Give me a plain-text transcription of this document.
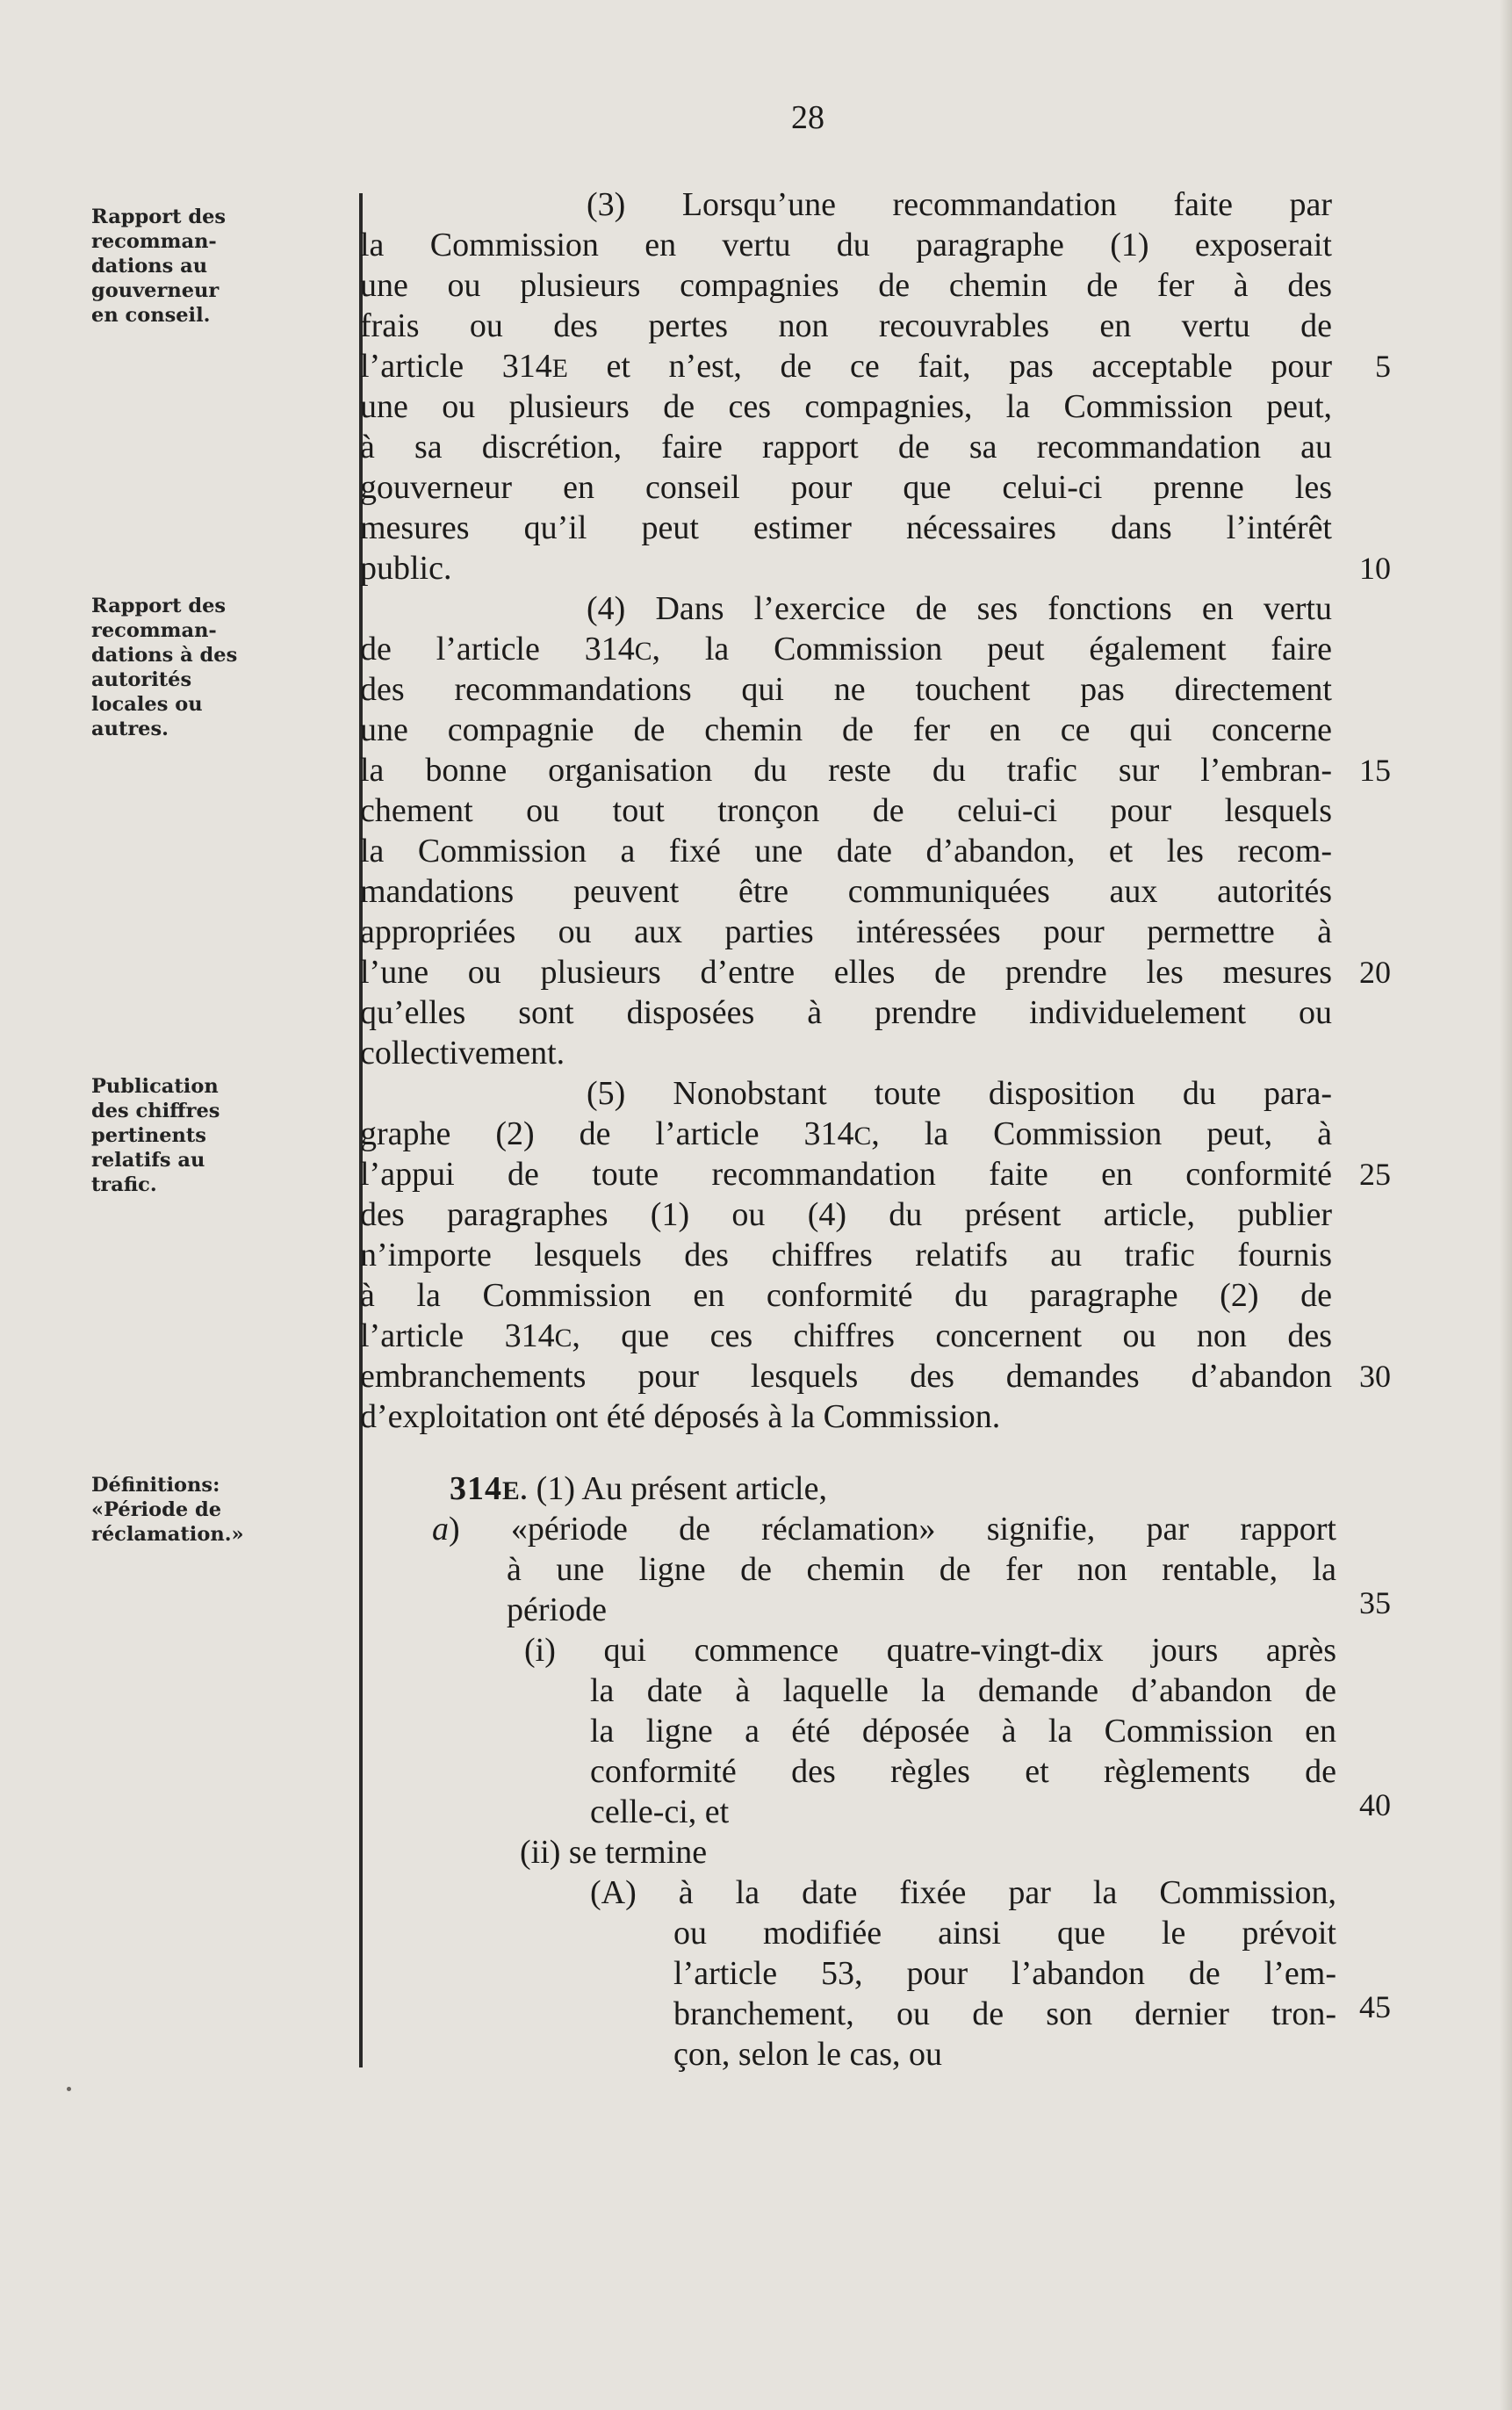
28
Rapport des
recomman-
dations au
gouverneur
en conseil.
Rapport des
recomman-
dations à des
autorités
locales ou
autres.
Publication
des chiffres
pertinents
relatifs au
trafic.
Définitions:
«Période de
réclamation.»
(3) Lorsqu’une recommandation faite par
la Commission en vertu du paragraphe (1) exposerait
une ou plusieurs compagnies de chemin de fer à des
frais ou des pertes non recouvrables en vertu de
l’article 314E et n’est, de ce fait, pas acceptable pour
une ou plusieurs de ces compagnies, la Commission peut,
à sa discrétion, faire rapport de sa recommandation au
gouverneur en conseil pour que celui-ci prenne les
mesures qu’il peut estimer nécessaires dans l’intérêt
public.
(4) Dans l’exercice de ses fonctions en vertu
de l’article 314C, la Commission peut également faire
des recommandations qui ne touchent pas directement
une compagnie de chemin de fer en ce qui concerne
la bonne organisation du reste du trafic sur l’embran-
chement ou tout tronçon de celui-ci pour lesquels
la Commission a fixé une date d’abandon, et les recom-
mandations peuvent être communiquées aux autorités
appropriées ou aux parties intéressées pour permettre à
l’une ou plusieurs d’entre elles de prendre les mesures
qu’elles sont disposées à prendre individuelement ou
collectivement.
(5) Nonobstant toute disposition du para-
graphe (2) de l’article 314C, la Commission peut, à
l’appui de toute recommandation faite en conformité
des paragraphes (1) ou (4) du présent article, publier
n’importe lesquels des chiffres relatifs au trafic fournis
à la Commission en conformité du paragraphe (2) de
l’article 314C, que ces chiffres concernent ou non des
embranchements pour lesquels des demandes d’abandon
d’exploitation ont été déposés à la Commission.
314E. (1) Au présent article,
a) «période de réclamation» signifie, par rapport
à une ligne de chemin de fer non rentable, la
période
(i) qui commence quatre-vingt-dix jours après
la date à laquelle la demande d’abandon de
la ligne a été déposée à la Commission en
conformité des règles et règlements de
celle-ci, et
(ii) se termine
(A) à la date fixée par la Commission,
ou modifiée ainsi que le prévoit
l’article 53, pour l’abandon de l’em-
branchement, ou de son dernier tron-
çon, selon le cas, ou
5
10
15
20
25
30
35
40
45
